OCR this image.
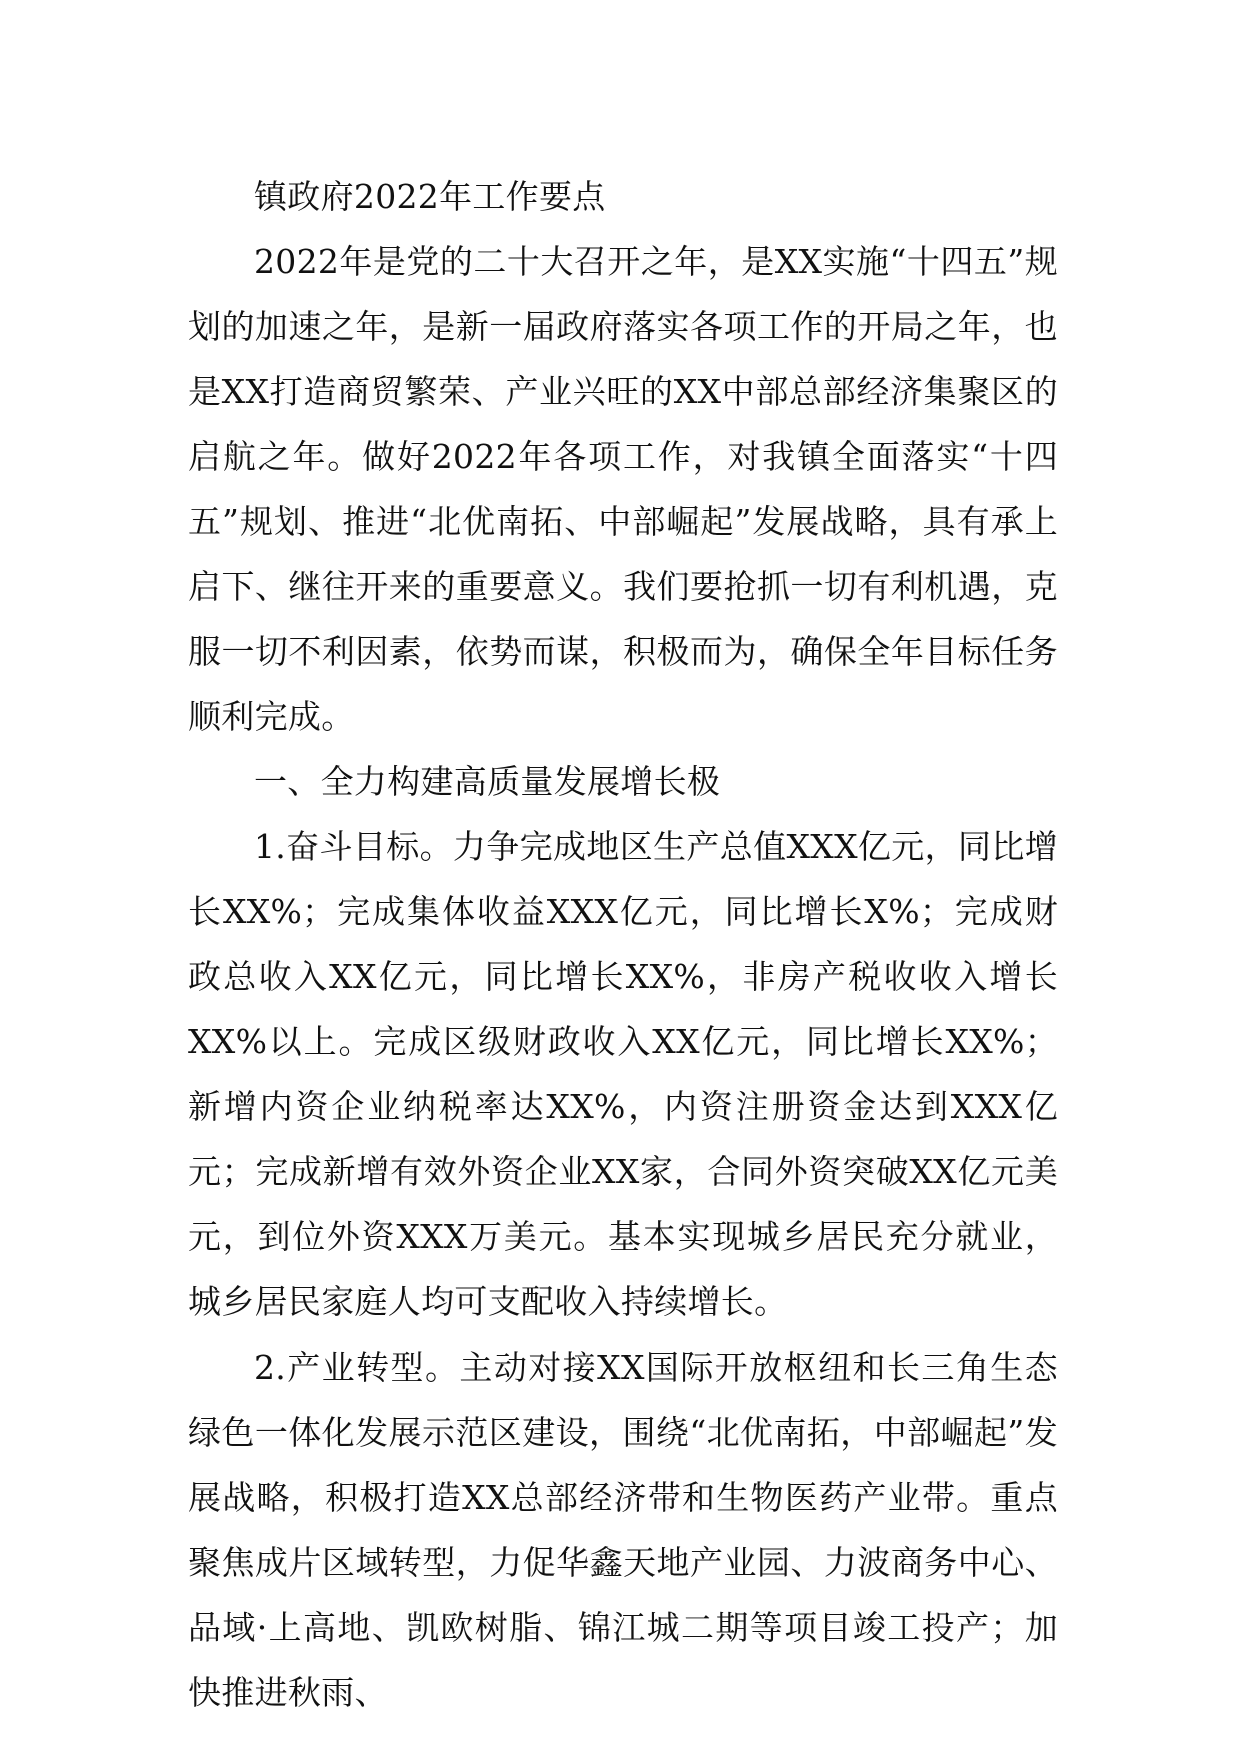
镇政府2022年工作要点

2022年是党的二十大召开之年，是XX实施“十四五”规划的加速之年，是新一届政府落实各项工作的开局之年，也是XX打造商贸繁荣、产业兴旺的XX中部总部经济集聚区的启航之年。做好2022年各项工作，对我镇全面落实“十四五”规划、推进“北优南拓、中部崛起”发展战略，具有承上启下、继往开来的重要意义。我们要抢抓一切有利机遇，克服一切不利因素，依势而谋，积极而为，确保全年目标任务顺利完成。

一、全力构建高质量发展增长极

1.奋斗目标。力争完成地区生产总值XXX亿元，同比增长XX%；完成集体收益XXX亿元，同比增长X%；完成财政总收入XX亿元，同比增长XX%，非房产税收收入增长XX%以上。完成区级财政收入XX亿元，同比增长XX%；新增内资企业纳税率达XX%，内资注册资金达到XXX亿元；完成新增有效外资企业XX家，合同外资突破XX亿元美元，到位外资XXX万美元。基本实现城乡居民充分就业，城乡居民家庭人均可支配收入持续增长。

2.产业转型。主动对接XX国际开放枢纽和长三角生态绿色一体化发展示范区建设，围绕“北优南拓，中部崛起”发展战略，积极打造XX总部经济带和生物医药产业带。重点聚焦成片区域转型，力促华鑫天地产业园、力波商务中心、品域·上高地、凯欧树脂、锦江城二期等项目竣工投产；加快推进秋雨、
